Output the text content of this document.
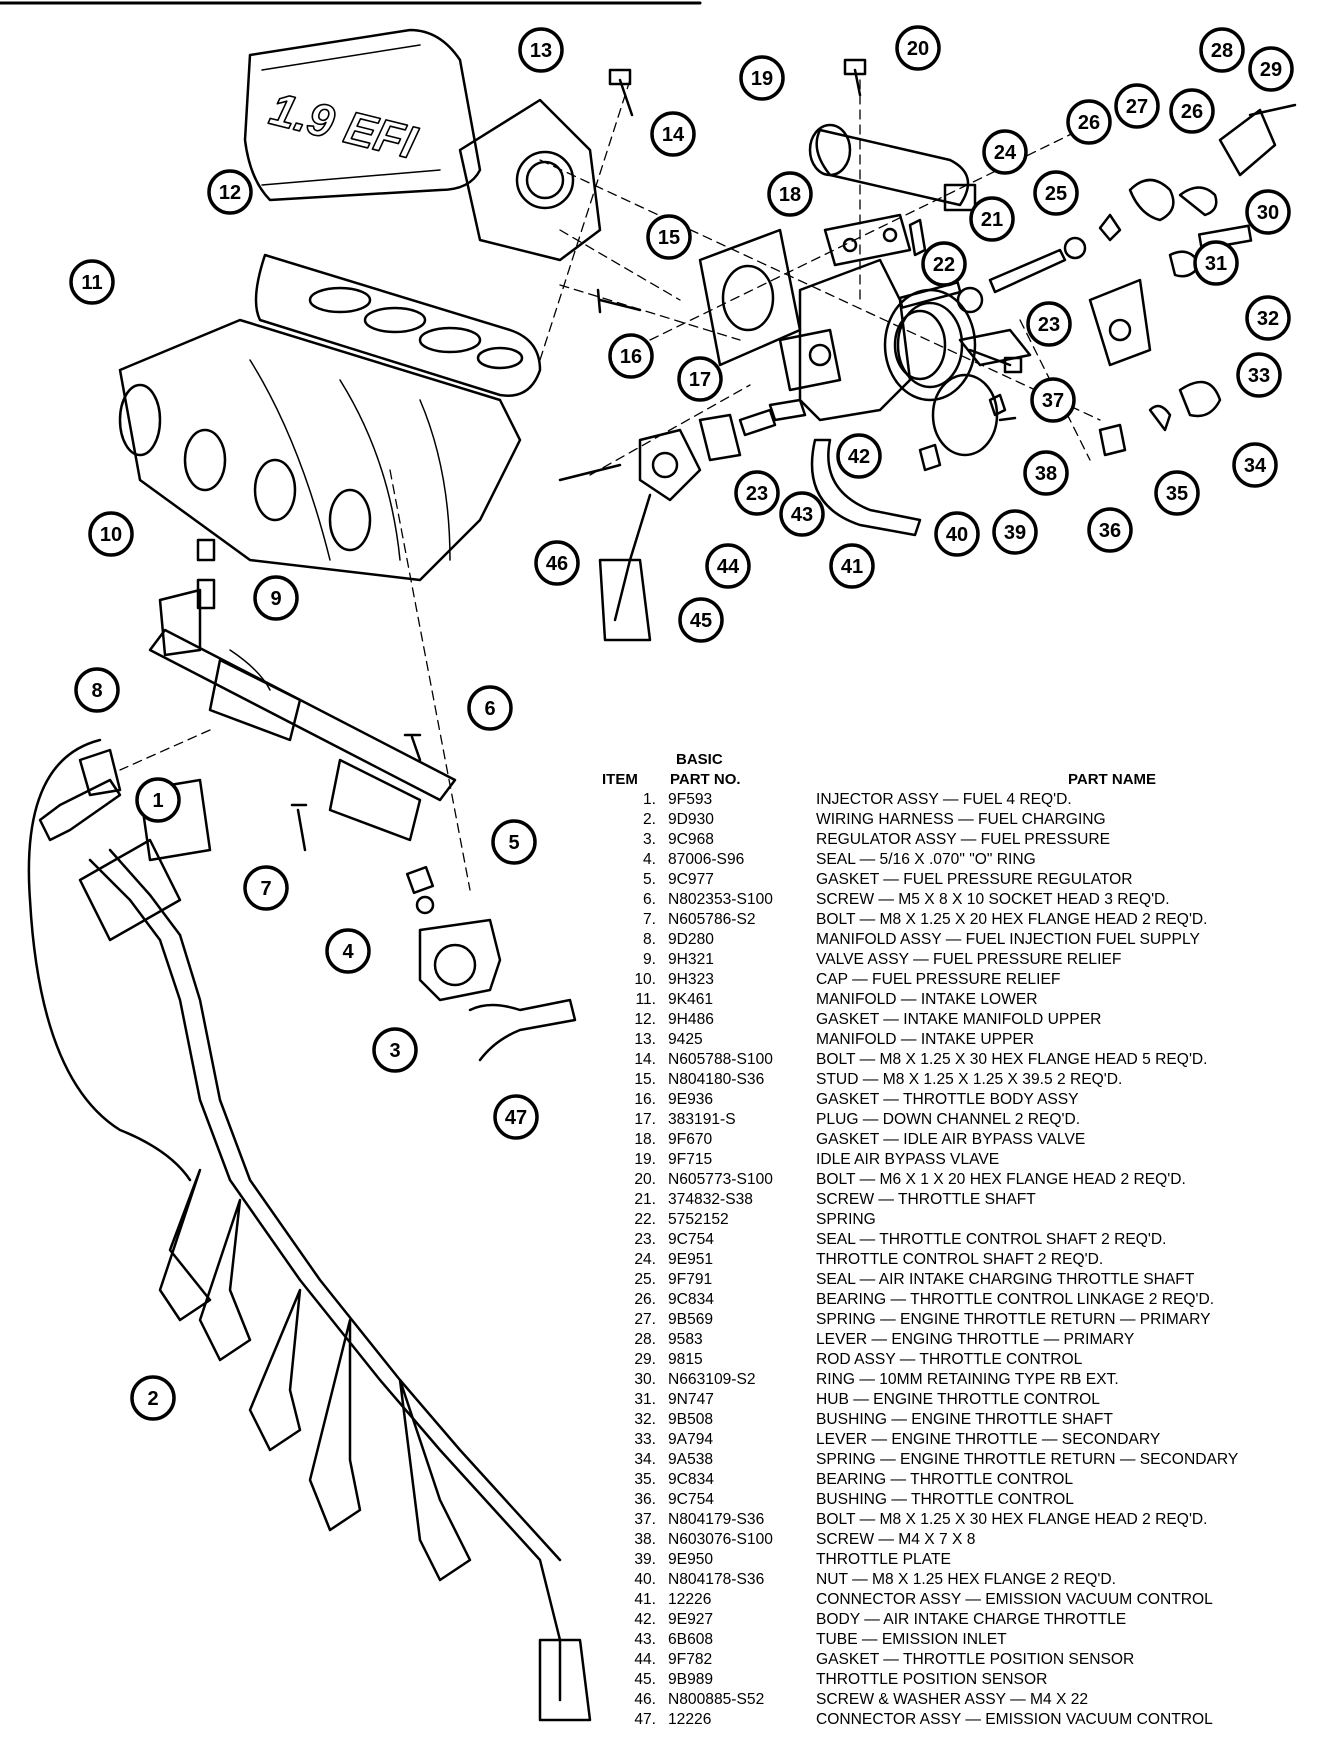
1.9 EFI
1
2
3
4
5
6
7
8
9
10
11
12
13
14
15
16
17
18
19
20
21
22
23
24
25
26
27
28
29
30
31
32
33
34
35
36
37
38
39
40
41
42
43
44
45
46
47
23
26
BASIC
ITEM PART NO.	PART NAME
1. 9F593	INJECTOR ASSY — FUEL 4 REQ'D.
2. 9D930	WIRING HARNESS — FUEL CHARGING
3. 9C968	REGULATOR ASSY — FUEL PRESSURE
4. 87006-S96	SEAL — 5/16 X .070" "O" RING
5. 9C977	GASKET — FUEL PRESSURE REGULATOR
6. N802353-S100	SCREW — M5 X 8 X 10 SOCKET HEAD 3 REQ'D.
7. N605786-S2	BOLT — M8 X 1.25 X 20 HEX FLANGE HEAD 2 REQ'D.
8. 9D280	MANIFOLD ASSY — FUEL INJECTION FUEL SUPPLY
9. 9H321	VALVE ASSY — FUEL PRESSURE RELIEF
10. 9H323	CAP — FUEL PRESSURE RELIEF
11. 9K461	MANIFOLD — INTAKE LOWER
12. 9H486	GASKET — INTAKE MANIFOLD UPPER
13. 9425	MANIFOLD — INTAKE UPPER
14. N605788-S100	BOLT — M8 X 1.25 X 30 HEX FLANGE HEAD 5 REQ'D.
15. N804180-S36	STUD — M8 X 1.25 X 1.25 X 39.5 2 REQ'D.
16. 9E936	GASKET — THROTTLE BODY ASSY
17. 383191-S	PLUG — DOWN CHANNEL 2 REQ'D.
18. 9F670	GASKET — IDLE AIR BYPASS VALVE
19. 9F715	IDLE AIR BYPASS VLAVE
20. N605773-S100	BOLT — M6 X 1 X 20 HEX FLANGE HEAD 2 REQ'D.
21. 374832-S38	SCREW — THROTTLE SHAFT
22. 5752152	SPRING
23. 9C754	SEAL — THROTTLE CONTROL SHAFT 2 REQ'D.
24. 9E951	THROTTLE CONTROL SHAFT 2 REQ'D.
25. 9F791	SEAL — AIR INTAKE CHARGING THROTTLE SHAFT
26. 9C834	BEARING — THROTTLE CONTROL LINKAGE 2 REQ'D.
27. 9B569	SPRING — ENGINE THROTTLE RETURN — PRIMARY
28. 9583	LEVER — ENGING THROTTLE — PRIMARY
29. 9815	ROD ASSY — THROTTLE CONTROL
30. N663109-S2	RING — 10MM RETAINING TYPE RB EXT.
31. 9N747	HUB — ENGINE THROTTLE CONTROL
32. 9B508	BUSHING — ENGINE THROTTLE SHAFT
33. 9A794	LEVER — ENGINE THROTTLE — SECONDARY
34. 9A538	SPRING — ENGINE THROTTLE RETURN — SECONDARY
35. 9C834	BEARING — THROTTLE CONTROL
36. 9C754	BUSHING — THROTTLE CONTROL
37. N804179-S36	BOLT — M8 X 1.25 X 30 HEX FLANGE HEAD 2 REQ'D.
38. N603076-S100	SCREW — M4 X 7 X 8
39. 9E950	THROTTLE PLATE
40. N804178-S36	NUT — M8 X 1.25 HEX FLANGE 2 REQ'D.
41. 12226	CONNECTOR ASSY — EMISSION VACUUM CONTROL
42. 9E927	BODY — AIR INTAKE CHARGE THROTTLE
43. 6B608	TUBE — EMISSION INLET
44. 9F782	GASKET — THROTTLE POSITION SENSOR
45. 9B989	THROTTLE POSITION SENSOR
46. N800885-S52	SCREW & WASHER ASSY — M4 X 22
47. 12226	CONNECTOR ASSY — EMISSION VACUUM CONTROL
